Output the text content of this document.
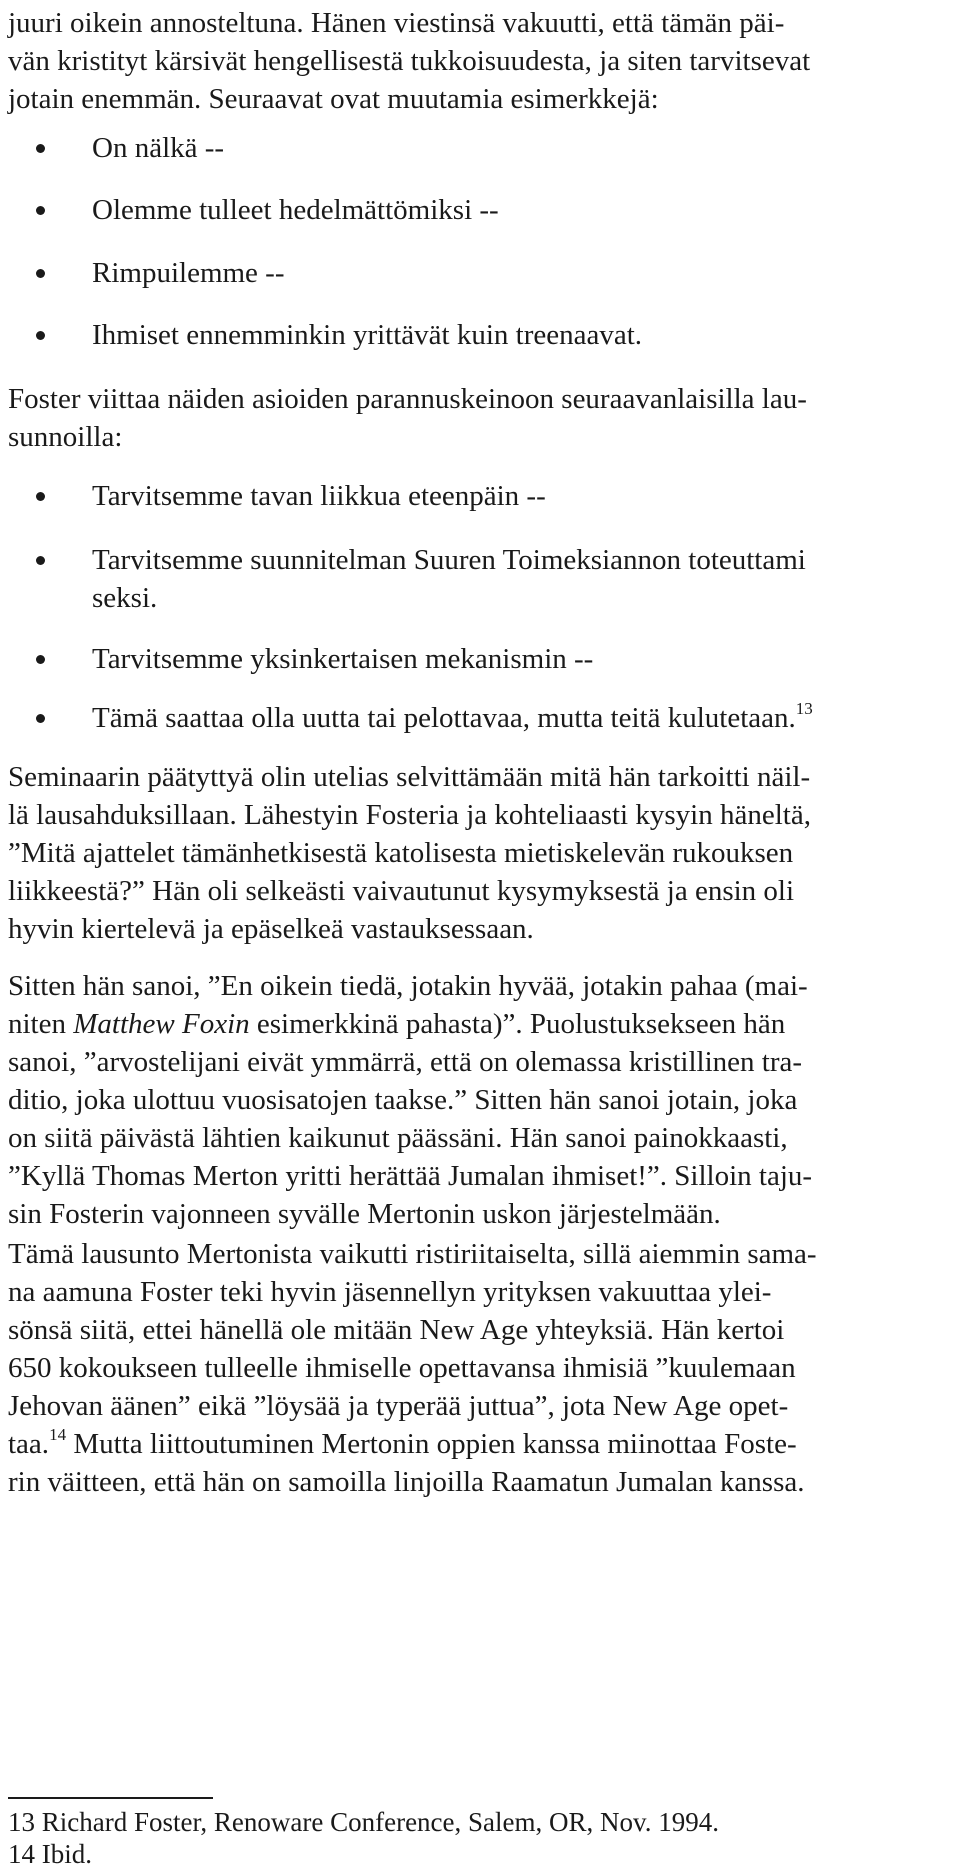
juuri oikein annosteltuna. Hänen viestinsä vakuutti, että tämän päi-
vän kristityt kärsivät hengellisestä tukkoisuudesta, ja siten tarvitsevat
jotain enemmän. Seuraavat ovat muutamia esimerkkejä:
On nälkä --
Olemme tulleet hedelmättömiksi --
Rimpuilemme --
Ihmiset ennemminkin yrittävät kuin treenaavat.
Foster viittaa näiden asioiden parannuskeinoon seuraavanlaisilla lau-
sunnoilla:
Tarvitsemme tavan liikkua eteenpäin --
Tarvitsemme suunnitelman Suuren Toimeksiannon toteuttami
seksi.
Tarvitsemme yksinkertaisen mekanismin --
Tämä saattaa olla uutta tai pelottavaa, mutta teitä kulutetaan.$^{13}$
Seminaarin päätyttyä olin utelias selvittämään mitä hän tarkoitti näil-
lä lausahduksillaan. Lähestyin Fosteria ja kohteliaasti kysyin häneltä,
”Mitä ajattelet tämänhetkisestä katolisesta mietiskelevän rukouksen
liikkeestä?” Hän oli selkeästi vaivautunut kysymyksestä ja ensin oli
hyvin kiertelevä ja epäselkeä vastauksessaan.
Sitten hän sanoi, ”En oikein tiedä, jotakin hyvää, jotakin pahaa (mai-
niten Matthew Foxin esimerkkinä pahasta)”. Puolustuksekseen hän
sanoi, ”arvostelijani eivät ymmärrä, että on olemassa kristillinen tra-
ditio, joka ulottuu vuosisatojen taakse.” Sitten hän sanoi jotain, joka
on siitä päivästä lähtien kaikunut päässäni. Hän sanoi painokkaasti,
”Kyllä Thomas Merton yritti herättää Jumalan ihmiset!”. Silloin taju-
sin Fosterin vajonneen syvälle Mertonin uskon järjestelmään.
Tämä lausunto Mertonista vaikutti ristiriitaiselta, sillä aiemmin sama-
na aamuna Foster teki hyvin jäsennellyn yrityksen vakuuttaa ylei-
sönsä siitä, ettei hänellä ole mitään New Age yhteyksiä. Hän kertoi
650 kokoukseen tulleelle ihmiselle opettavansa ihmisiä ”kuulemaan
Jehovan äänen” eikä ”löysää ja typerää juttua”, jota New Age opet-
taa.$^{14}$ Mutta liittoutuminen Mertonin oppien kanssa miinottaa Foste-
rin väitteen, että hän on samoilla linjoilla Raamatun Jumalan kanssa.
13 Richard Foster, Renoware Conference, Salem, OR, Nov. 1994.
14 Ibid.
